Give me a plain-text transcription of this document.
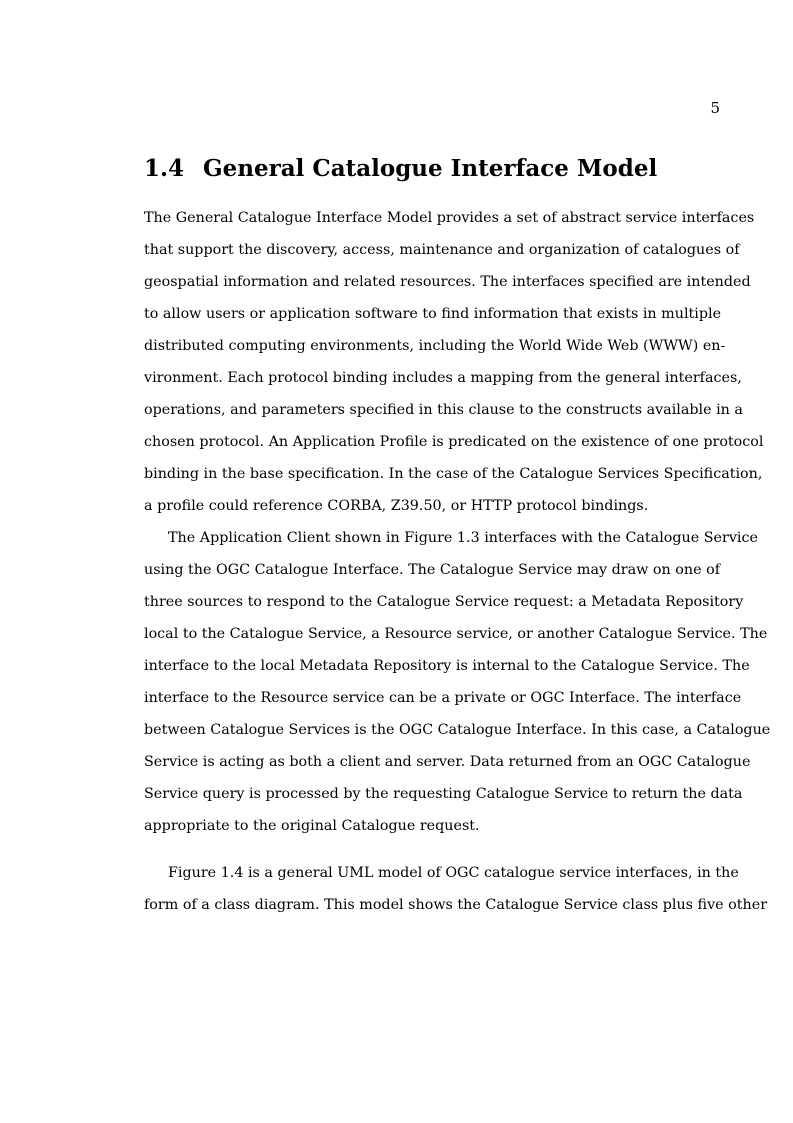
5
1.4 General Catalogue Interface Model
The General Catalogue Interface Model provides a set of abstract service interfaces
that support the discovery, access, maintenance and organization of catalogues of
geospatial information and related resources. The interfaces specified are intended
to allow users or application software to find information that exists in multiple
distributed computing environments, including the World Wide Web (WWW) en-
vironment. Each protocol binding includes a mapping from the general interfaces,
operations, and parameters specified in this clause to the constructs available in a
chosen protocol. An Application Profile is predicated on the existence of one protocol
binding in the base specification. In the case of the Catalogue Services Specification,
a profile could reference CORBA, Z39.50, or HTTP protocol bindings.
The Application Client shown in Figure 1.3 interfaces with the Catalogue Service
using the OGC Catalogue Interface. The Catalogue Service may draw on one of
three sources to respond to the Catalogue Service request: a Metadata Repository
local to the Catalogue Service, a Resource service, or another Catalogue Service. The
interface to the local Metadata Repository is internal to the Catalogue Service. The
interface to the Resource service can be a private or OGC Interface. The interface
between Catalogue Services is the OGC Catalogue Interface. In this case, a Catalogue
Service is acting as both a client and server. Data returned from an OGC Catalogue
Service query is processed by the requesting Catalogue Service to return the data
appropriate to the original Catalogue request.
Figure 1.4 is a general UML model of OGC catalogue service interfaces, in the
form of a class diagram. This model shows the Catalogue Service class plus five other
